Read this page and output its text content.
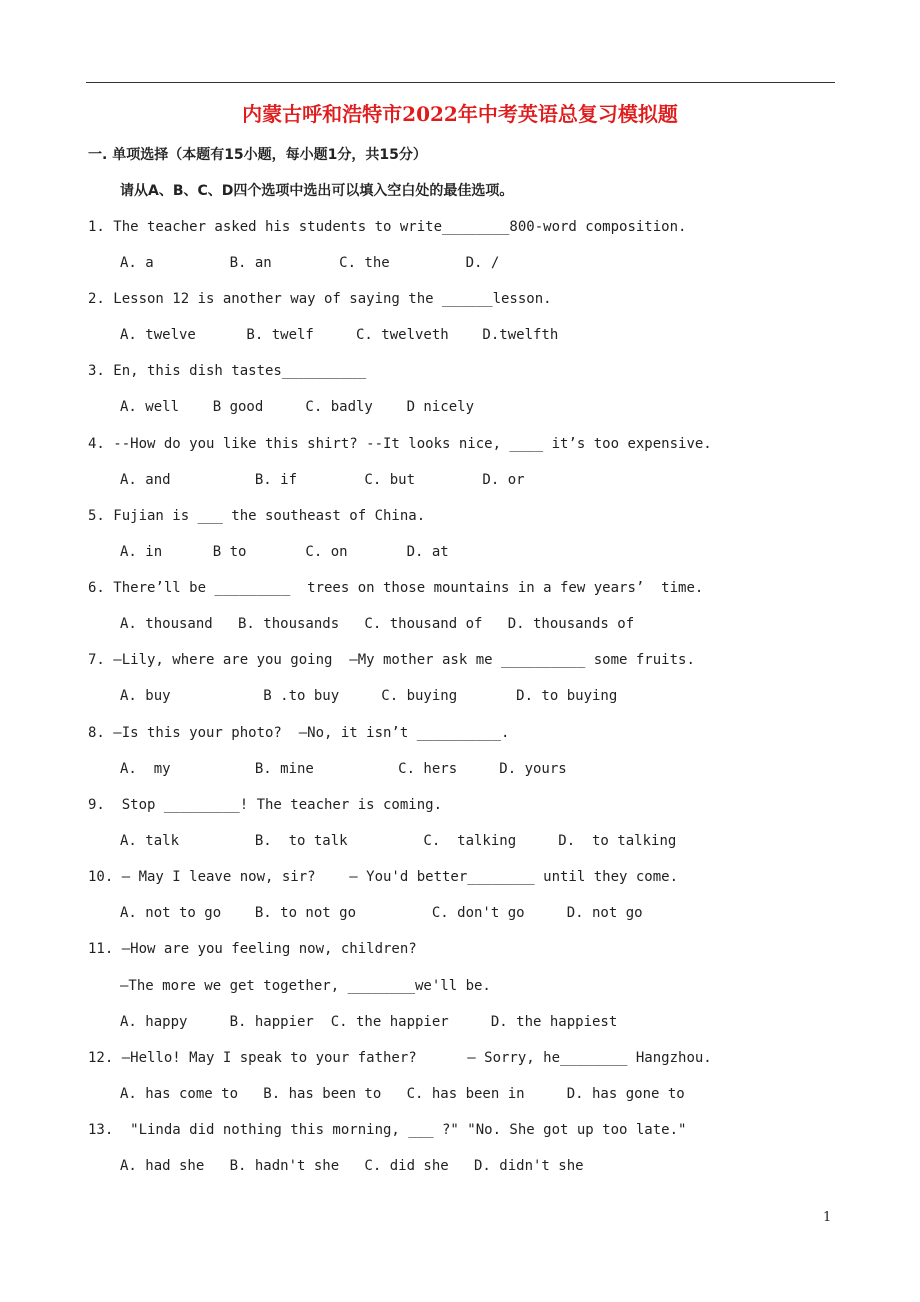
内蒙古呼和浩特市2022年中考英语总复习模拟题
一. 单项选择（本题有15小题，每小题1分，共15分）
请从A、B、C、D四个选项中选出可以填入空白处的最佳选项。
1. The teacher asked his students to write________800-word composition.
A. a         B. an        C. the         D. /
2. Lesson 12 is another way of saying the ______lesson.
A. twelve      B. twelf     C. twelveth    D.twelfth
3. En, this dish tastes__________
A. well    B good     C. badly    D nicely
4. --How do you like this shirt? --It looks nice, ____ it’s too expensive.
A. and          B. if        C. but        D. or
5. Fujian is ___ the southeast of China.
A. in      B to       C. on       D. at
6. There’ll be _________  trees on those mountains in a few years’  time.
A. thousand   B. thousands   C. thousand of   D. thousands of
7. —Lily, where are you going  —My mother ask me __________ some fruits.
A. buy           B .to buy     C. buying       D. to buying
8. —Is this your photo?  —No, it isn’t __________.
A.  my          B. mine          C. hers     D. yours
9.  Stop _________! The teacher is coming.
A. talk         B.  to talk         C.  talking     D.  to talking
10. — May I leave now, sir?    — You'd better________ until they come.
A. not to go    B. to not go         C. don't go     D. not go
11. —How are you feeling now, children?
—The more we get together, ________we'll be.
A. happy     B. happier  C. the happier     D. the happiest
12. —Hello! May I speak to your father?      — Sorry, he________ Hangzhou.
A. has come to   B. has been to   C. has been in     D. has gone to
13.  "Linda did nothing this morning, ___ ?" "No. She got up too late."
A. had she   B. hadn't she   C. did she   D. didn't she
1
